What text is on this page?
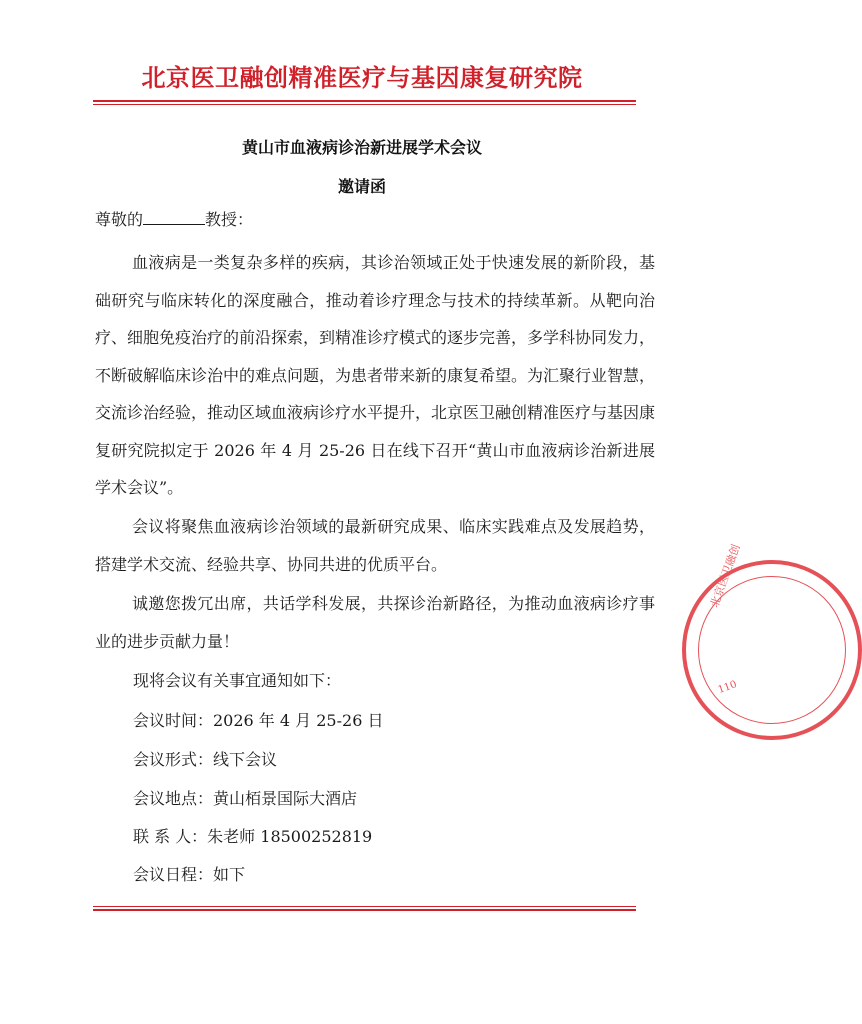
北京医卫融创精准医疗与基因康复研究院
黄山市血液病诊治新进展学术会议
邀请函
尊敬的	教授：
血液病是一类复杂多样的疾病，其诊治领域正处于快速发展的新阶段，基础研究与临床转化的深度融合，推动着诊疗理念与技术的持续革新。从靶向治疗、细胞免疫治疗的前沿探索，到精准诊疗模式的逐步完善，多学科协同发力，不断破解临床诊治中的难点问题，为患者带来新的康复希望。为汇聚行业智慧，交流诊治经验，推动区域血液病诊疗水平提升，北京医卫融创精准医疗与基因康复研究院拟定于 2026 年 4 月 25-26 日在线下召开“黄山市血液病诊治新进展学术会议”。
会议将聚焦血液病诊治领域的最新研究成果、临床实践难点及发展趋势，搭建学术交流、经验共享、协同共进的优质平台。
诚邀您拨冗出席，共话学科发展，共探诊治新路径，为推动血液病诊疗事业的进步贡献力量！
现将会议有关事宜通知如下：
会议时间：2026 年 4 月 25-26 日
会议形式：线下会议
会议地点：黄山栢景国际大酒店
联 系 人：朱老师 18500252819
会议日程：如下
北京医卫融创
110
